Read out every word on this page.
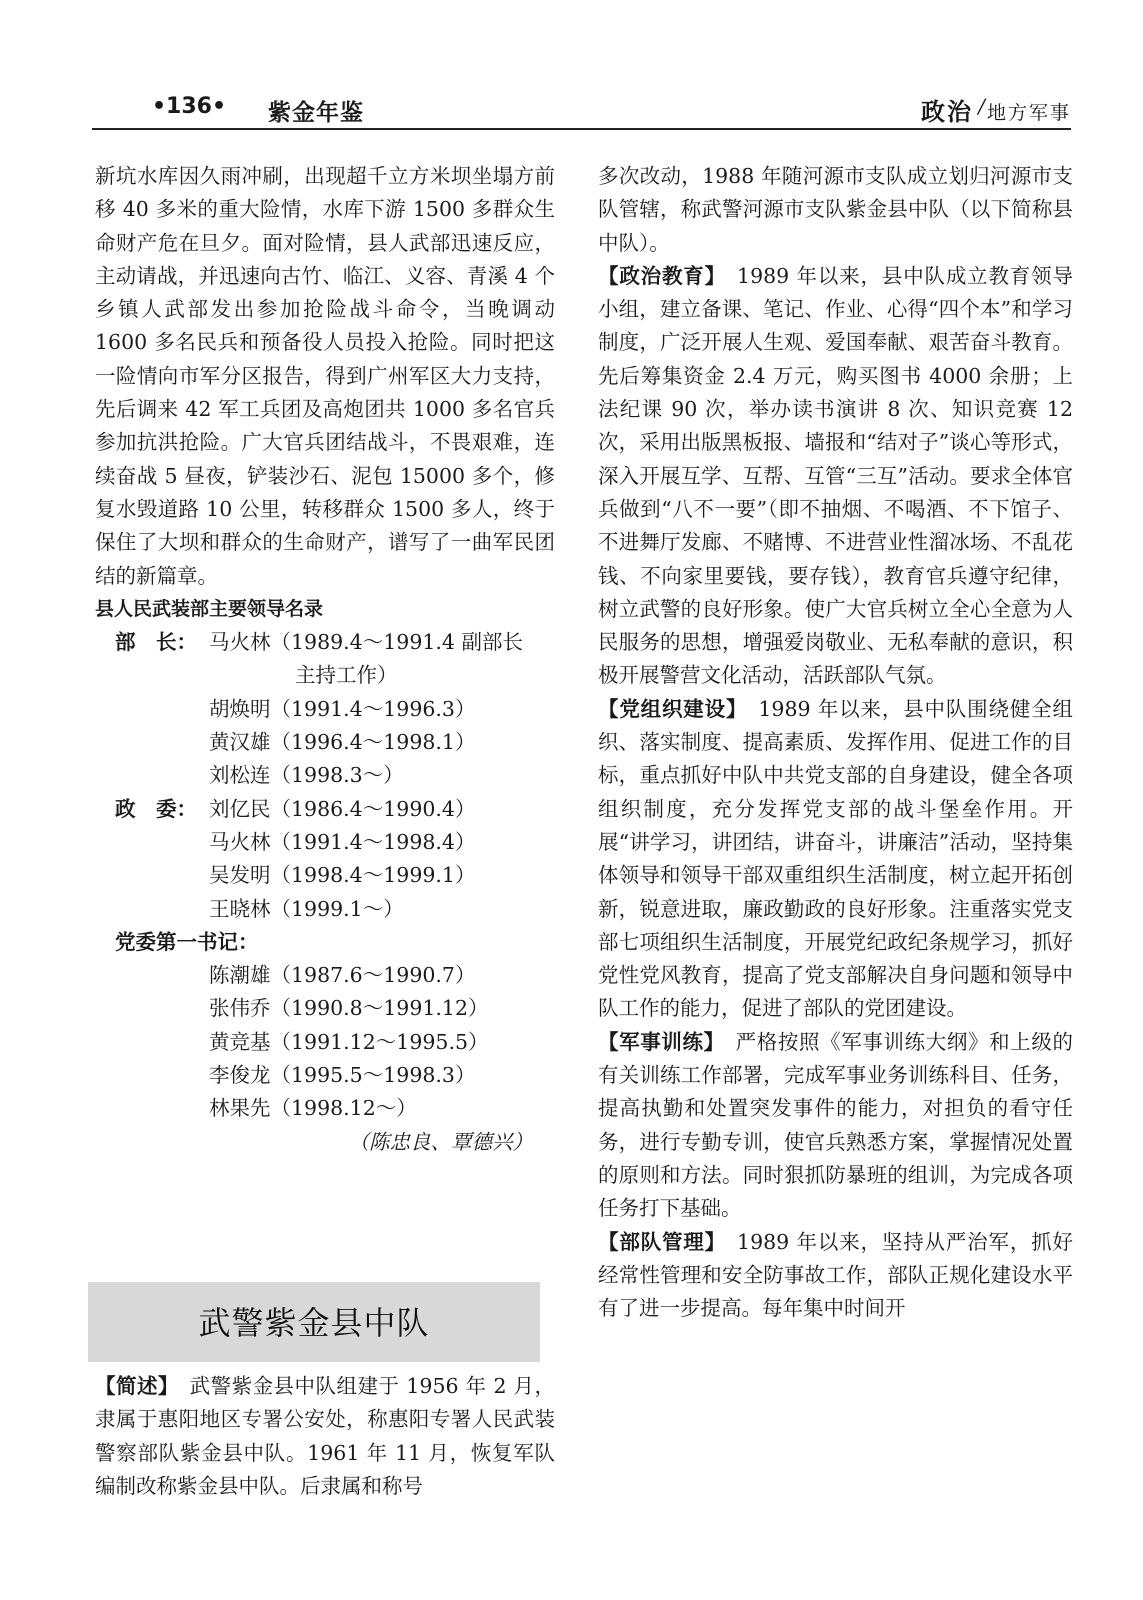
•136• 紫金年鉴	政治 / 地方军事

新坑水库因久雨冲刷，出现超千立方米坝坐塌方前移 40 多米的重大险情，水库下游 1500 多群众生命财产危在旦夕。面对险情，县人武部迅速反应，主动请战，并迅速向古竹、临江、义容、青溪 4 个乡镇人武部发出参加抢险战斗命令，当晚调动 1600 多名民兵和预备役人员投入抢险。同时把这一险情向市军分区报告，得到广州军区大力支持，先后调来 42 军工兵团及高炮团共 1000 多名官兵参加抗洪抢险。广大官兵团结战斗，不畏艰难，连续奋战 5 昼夜，铲装沙石、泥包 15000 多个，修复水毁道路 10 公里，转移群众 1500 多人，终于保住了大坝和群众的生命财产，谱写了一曲军民团结的新篇章。

县人民武装部主要领导名录

部　长： 马火林（1989.4～1991.4 副部长
主持工作）
胡焕明（1991.4～1996.3）
黄汉雄（1996.4～1998.1）
刘松连（1998.3～）
政　委： 刘亿民（1986.4～1990.4）
马火林（1991.4～1998.4）
吴发明（1998.4～1999.1）
王晓林（1999.1～）
党委第一书记：
陈潮雄（1987.6～1990.7）
张伟乔（1990.8～1991.12）
黄竞基（1991.12～1995.5）
李俊龙（1995.5～1998.3）
林果先（1998.12～）

（陈忠良、覃德兴）

武警紫金县中队

【简述】　 武警紫金县中队组建于 1956 年 2 月，隶属于惠阳地区专署公安处，称惠阳专署人民武装警察部队紫金县中队。1961 年 11 月，恢复军队编制改称紫金县中队。后隶属和称号

多次改动，1988 年随河源市支队成立划归河源市支队管辖，称武警河源市支队紫金县中队（以下简称县中队）。

【政治教育】　 1989 年以来，县中队成立教育领导小组，建立备课、笔记、作业、心得“四个本”和学习制度，广泛开展人生观、爱国奉献、艰苦奋斗教育。先后筹集资金 2.4 万元，购买图书 4000 余册；上法纪课 90 次，举办读书演讲 8 次、知识竞赛 12 次，采用出版黑板报、墙报和“结对子”谈心等形式，深入开展互学、互帮、互管“三互”活动。要求全体官兵做到“八不一要”（即不抽烟、不喝酒、不下馆子、不进舞厅发廊、不赌博、不进营业性溜冰场、不乱花钱、不向家里要钱，要存钱），教育官兵遵守纪律，树立武警的良好形象。使广大官兵树立全心全意为人民服务的思想，增强爱岗敬业、无私奉献的意识，积极开展警营文化活动，活跃部队气氛。

【党组织建设】　 1989 年以来，县中队围绕健全组织、落实制度、提高素质、发挥作用、促进工作的目标，重点抓好中队中共党支部的自身建设，健全各项组织制度，充分发挥党支部的战斗堡垒作用。开展“讲学习，讲团结，讲奋斗，讲廉洁”活动，坚持集体领导和领导干部双重组织生活制度，树立起开拓创新，锐意进取，廉政勤政的良好形象。注重落实党支部七项组织生活制度，开展党纪政纪条规学习，抓好党性党风教育，提高了党支部解决自身问题和领导中队工作的能力，促进了部队的党团建设。

【军事训练】　 严格按照《军事训练大纲》和上级的有关训练工作部署，完成军事业务训练科目、任务，提高执勤和处置突发事件的能力，对担负的看守任务，进行专勤专训，使官兵熟悉方案，掌握情况处置的原则和方法。同时狠抓防暴班的组训，为完成各项任务打下基础。

【部队管理】　 1989 年以来，坚持从严治军，抓好经常性管理和安全防事故工作，部队正规化建设水平有了进一步提高。每年集中时间开
